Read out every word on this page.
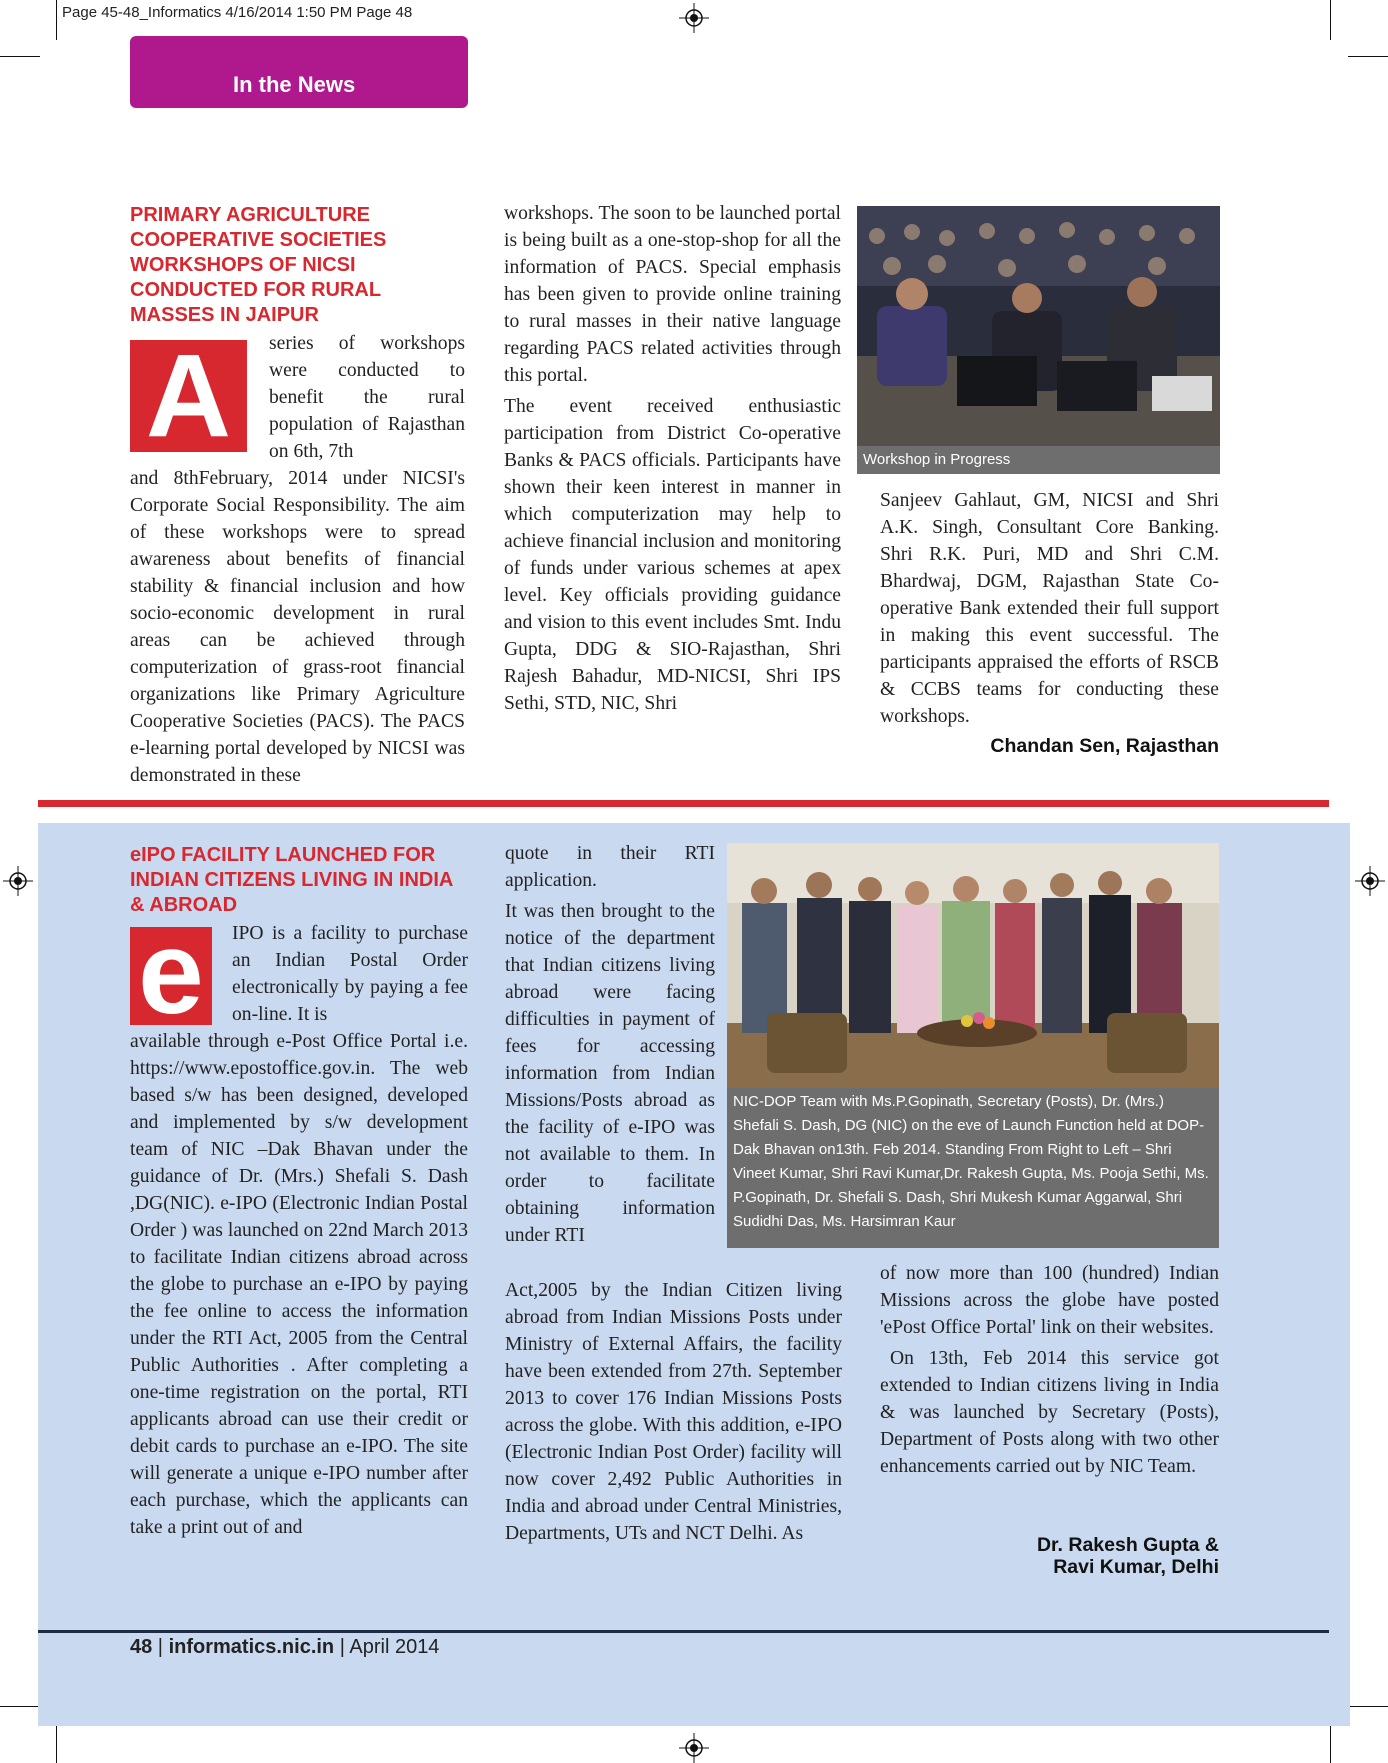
Page 45-48_Informatics 4/16/2014 1:50 PM Page 48
In the News
PRIMARY AGRICULTURE COOPERATIVE SOCIETIES WORKSHOPS OF NICSI CONDUCTED FOR RURAL MASSES IN JAIPUR
A	series of workshops were conducted to benefit the rural population of Rajasthan on 6th, 7th

and 8thFebruary, 2014 under NICSI's Corporate Social Responsibility. The aim of these workshops were to spread awareness about benefits of financial stability & financial inclusion and how socio-economic development in rural areas can be achieved through computerization of grass-root financial organizations like Primary Agriculture Cooperative Societies (PACS). The PACS e-learning portal developed by NICSI was demonstrated in these

workshops. The soon to be launched portal is being built as a one-stop-shop for all the information of PACS. Special emphasis has been given to provide online training to rural masses in their native language regarding PACS related activities through this portal.

The event received enthusiastic participation from District Co-operative Banks & PACS officials. Participants have shown their keen interest in manner in which computerization may help to achieve financial inclusion and monitoring of funds under various schemes at apex level. Key officials providing guidance and vision to this event includes Smt. Indu Gupta, DDG & SIO-Rajasthan, Shri Rajesh Bahadur, MD-NICSI, Shri IPS Sethi, STD, NIC, Shri

Workshop in Progress

Sanjeev Gahlaut, GM, NICSI and Shri A.K. Singh, Consultant Core Banking. Shri R.K. Puri, MD and Shri C.M. Bhardwaj, DGM, Rajasthan State Co-operative Bank extended their full support in making this event successful. The participants appraised the efforts of RSCB & CCBS teams for conducting these workshops.

Chandan Sen, Rajasthan
eIPO FACILITY LAUNCHED FOR INDIAN CITIZENS LIVING IN INDIA & ABROAD
e	IPO is a facility to purchase an Indian Postal Order electronically by paying a fee on-line. It is

available through e-Post Office Portal i.e. https://www.epostoffice.gov.in. The web based s/w has been designed, developed and implemented by s/w development team of NIC –Dak Bhavan under the guidance of Dr. (Mrs.) Shefali S. Dash ,DG(NIC). e-IPO (Electronic Indian Postal Order ) was launched on 22nd March 2013 to facilitate Indian citizens abroad across the globe to purchase an e-IPO by paying the fee online to access the information under the RTI Act, 2005 from the Central Public Authorities . After completing a one-time registration on the portal, RTI applicants abroad can use their credit or debit cards to purchase an e-IPO. The site will generate a unique e-IPO number after each purchase, which the applicants can take a print out of and

quote in their RTI application.

It was then brought to the notice of the department that Indian citizens living abroad were facing difficulties in payment of fees for accessing information from Indian Missions/Posts abroad as the facility of e-IPO was not available to them. In order to facilitate obtaining information under RTI

Act,2005 by the Indian Citizen living abroad from Indian Missions Posts under Ministry of External Affairs, the facility have been extended from 27th. September 2013 to cover 176 Indian Missions Posts across the globe. With this addition, e-IPO (Electronic Indian Post Order) facility will now cover 2,492 Public Authorities in India and abroad under Central Ministries, Departments, UTs and NCT Delhi. As

NIC-DOP Team with Ms.P.Gopinath, Secretary (Posts), Dr. (Mrs.) Shefali S. Dash, DG (NIC) on the eve of Launch Function held at DOP-Dak Bhavan on13th. Feb 2014. Standing From Right to Left – Shri Vineet Kumar, Shri Ravi Kumar,Dr. Rakesh Gupta, Ms. Pooja Sethi, Ms. P.Gopinath, Dr. Shefali S. Dash, Shri Mukesh Kumar Aggarwal, Shri Sudidhi Das, Ms. Harsimran Kaur

of now more than 100 (hundred) Indian Missions across the globe have posted 'ePost Office Portal' link on their websites.

On 13th, Feb 2014 this service got extended to Indian citizens living in India & was launched by Secretary (Posts), Department of Posts along with two other enhancements carried out by NIC Team.

Dr. Rakesh Gupta &
Ravi Kumar, Delhi
48 | informatics.nic.in | April 2014
